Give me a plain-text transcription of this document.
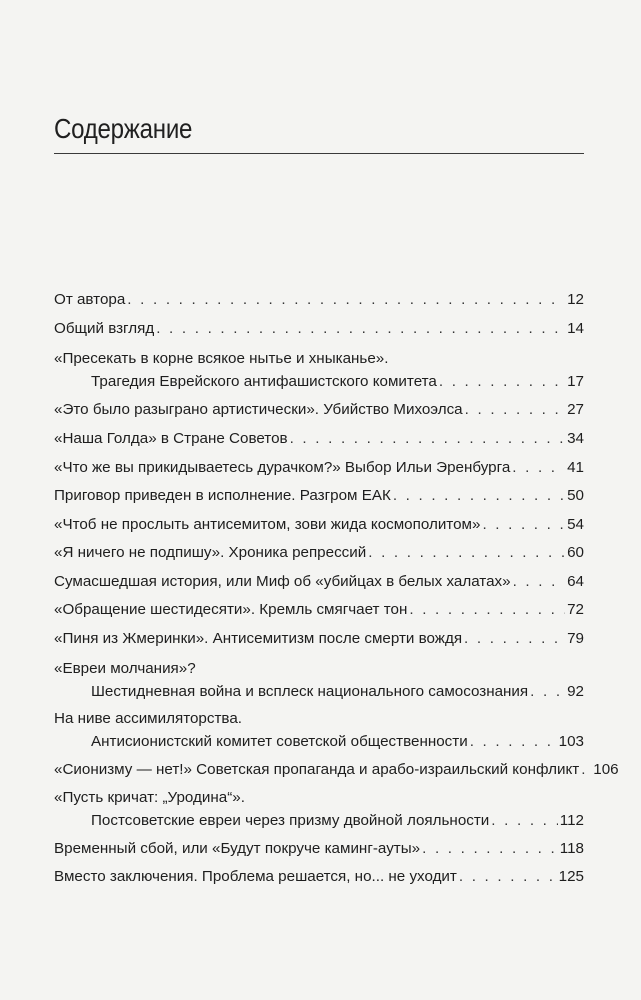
Содержание
От автора . . .	12
Общий взгляд . . .	14
«Пресекать в корне всякое нытье и хныканье».
Трагедия Еврейского антифашистского комитета . . .	17
«Это было разыграно артистически». Убийство Михоэлса . . .	27
«Наша Голда» в Стране Советов . . .	34
«Что же вы прикидываетесь дурачком?» Выбор Ильи Эренбурга . . .	41
Приговор приведен в исполнение. Разгром ЕАК . . .	50
«Чтоб не прослыть антисемитом, зови жида космополитом» . . .	54
«Я ничего не подпишу». Хроника репрессий . . .	60
Сумасшедшая история, или Миф об «убийцах в белых халатах» . . .	64
«Обращение шестидесяти». Кремль смягчает тон . . .	72
«Пиня из Жмеринки». Антисемитизм после смерти вождя . . .	79
«Евреи молчания»?
Шестидневная война и всплеск национального самосознания . . .	92
На ниве ассимиляторства.
Антисионистский комитет советской общественности . . .	103
«Сионизму — нет!» Советская пропаганда и арабо-израильский конфликт . . . 106
«Пусть кричат: „Уродина“».
Постсоветские евреи через призму двойной лояльности . . .	112
Временный сбой, или «Будут покруче каминг-ауты» . . .	118
Вместо заключения. Проблема решается, но... не уходит . . .	125
